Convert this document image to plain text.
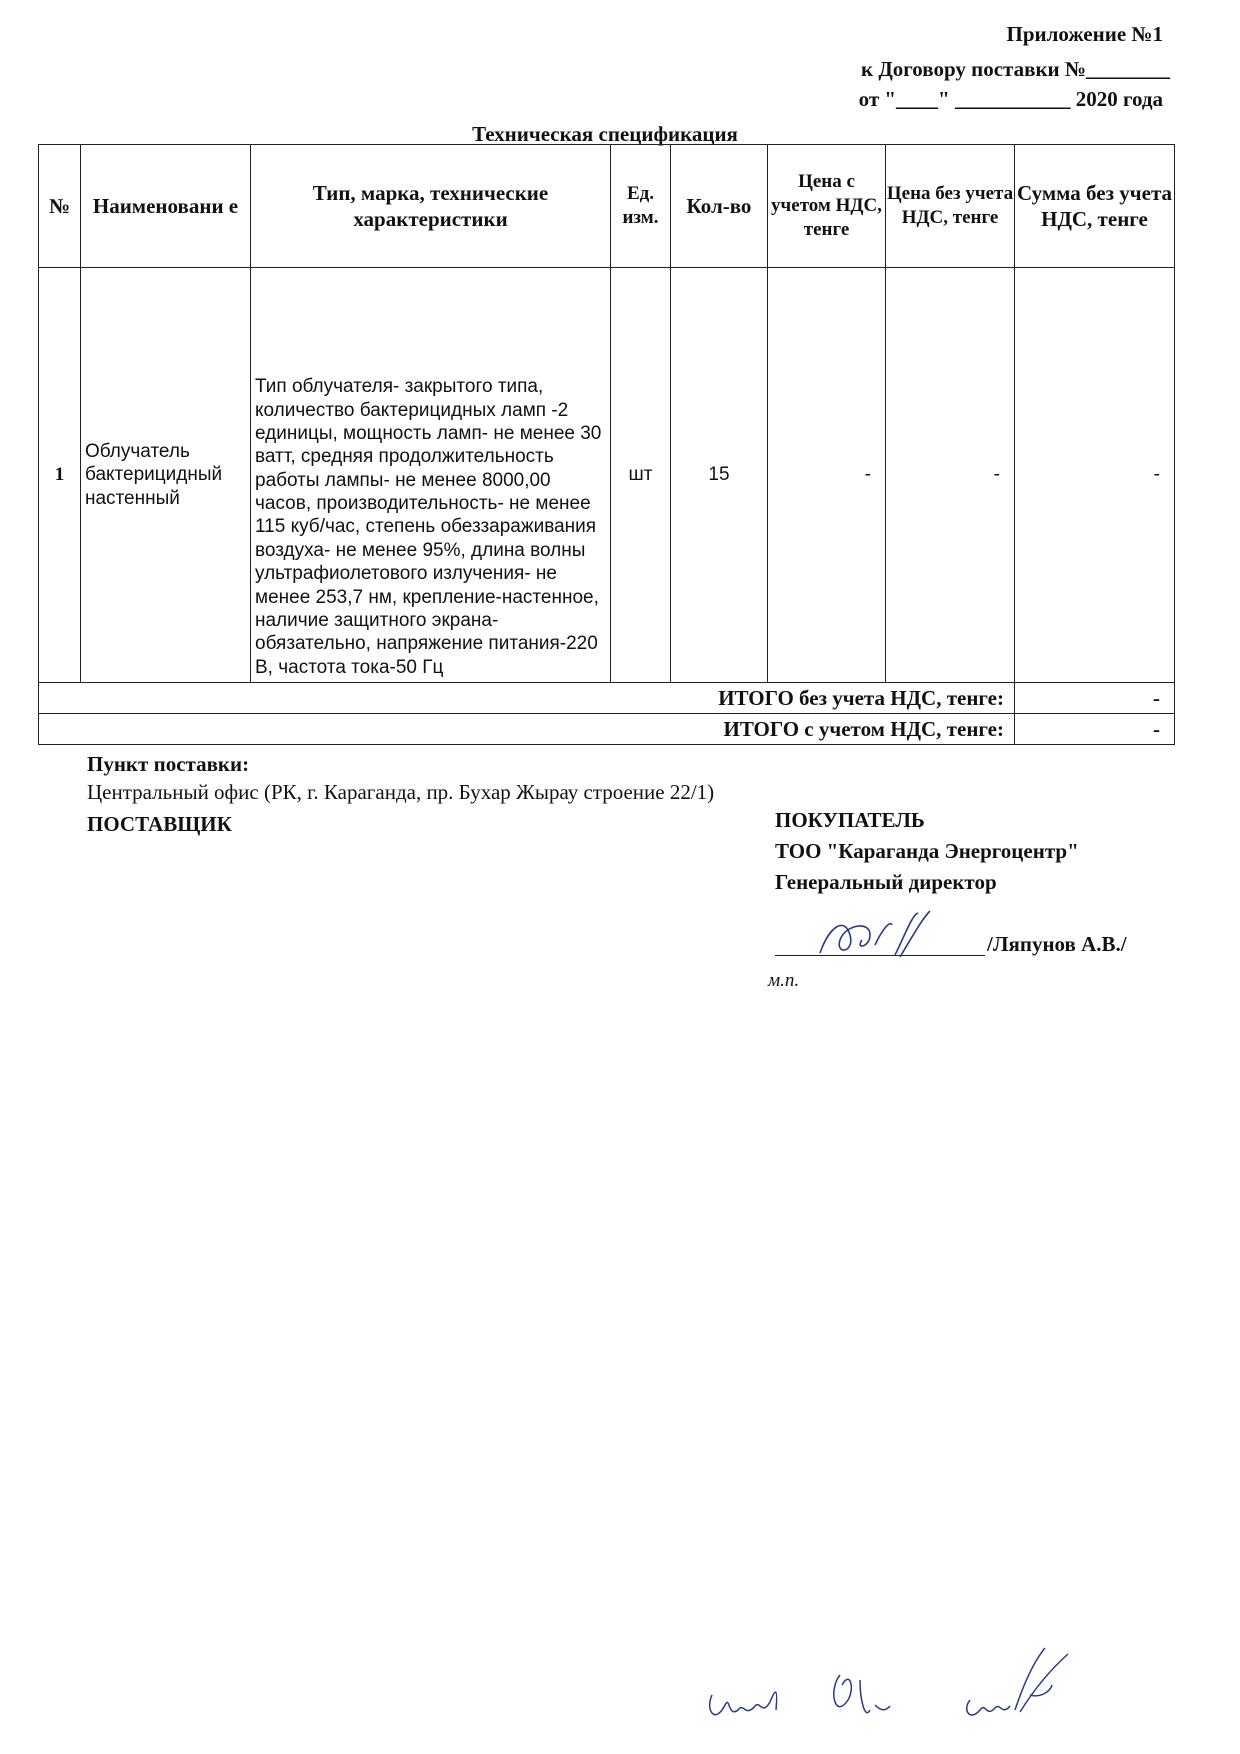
Приложение №1
к Договору поставки №________
от "____" ___________ 2020 года
Техническая спецификация
№	Наименовани е	Тип, марка, технические характеристики	Ед. изм.	Кол-во	Цена с учетом НДС, тенге	Цена без учета НДС, тенге	Сумма без учета НДС, тенге
1	Облучатель бактерицидный настенный	Тип облучателя- закрытого типа, количество бактерицидных ламп -2 единицы, мощность ламп- не менее 30 ватт, средняя продолжительность работы лампы- не менее 8000,00 часов, производительность- не менее 115 куб/час, степень обеззараживания воздуха- не менее 95%, длина волны ультрафиолетового излучения- не менее 253,7 нм, крепление-настенное, наличие защитного экрана-обязательно, напряжение питания-220 В, частота тока-50 Гц	шт	15	-	-	-
ИТОГО без учета НДС, тенге:							-
ИТОГО с учетом НДС, тенге:							-
Пункт поставки:
Центральный офис (РК, г. Караганда, пр. Бухар Жырау строение 22/1)
ПОСТАВЩИК	ПОКУПАТЕЛЬ
ТОО "Караганда Энергоцентр"
Генеральный директор
/Ляпунов А.В./
м.п.
